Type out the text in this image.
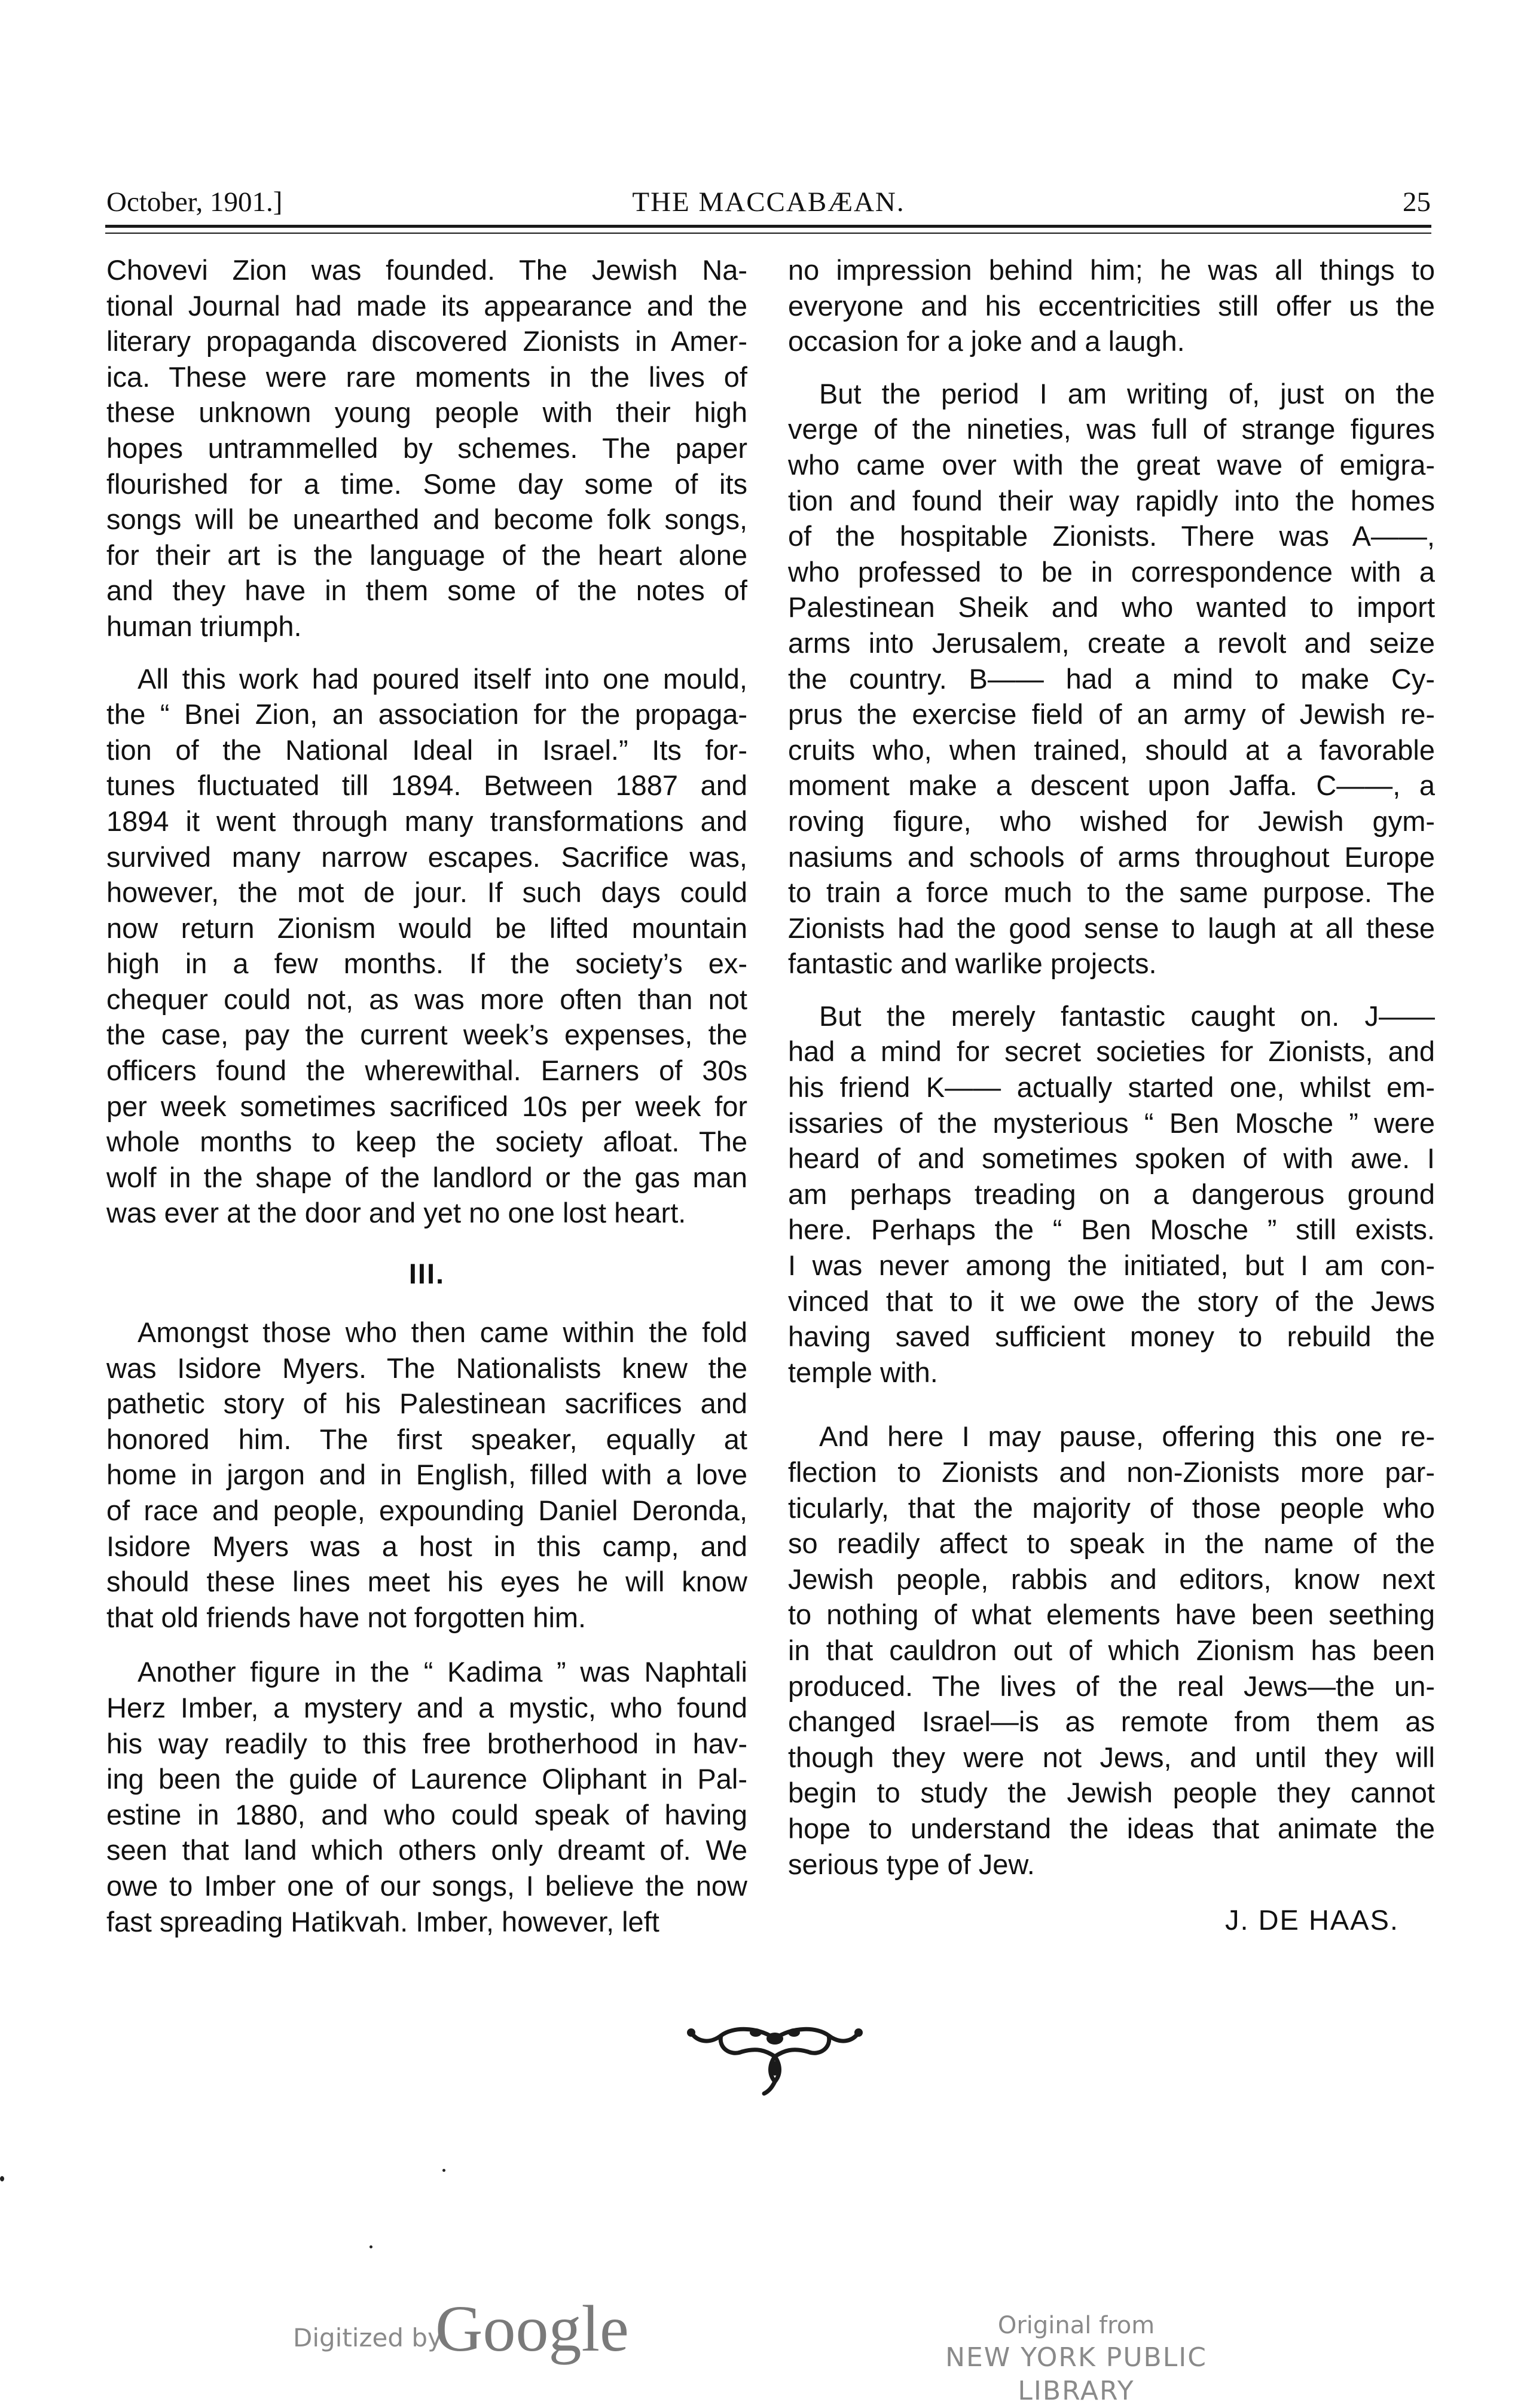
October, 1901.]	THE MACCABÆAN.	25
Chovevi Zion was founded. The Jewish Na-
tional Journal had made its appearance and the
literary propaganda discovered Zionists in Amer-
ica. These were rare moments in the lives of
these unknown young people with their high
hopes untrammelled by schemes. The paper
flourished for a time. Some day some of its
songs will be unearthed and become folk songs,
for their art is the language of the heart alone
and they have in them some of the notes of
human triumph.
All this work had poured itself into one mould,
the “ Bnei Zion, an association for the propaga-
tion of the National Ideal in Israel.” Its for-
tunes fluctuated till 1894. Between 1887 and
1894 it went through many transformations and
survived many narrow escapes. Sacrifice was,
however, the mot de jour. If such days could
now return Zionism would be lifted mountain
high in a few months. If the society’s ex-
chequer could not, as was more often than not
the case, pay the current week’s expenses, the
officers found the wherewithal. Earners of 30s
per week sometimes sacrificed 10s per week for
whole months to keep the society afloat. The
wolf in the shape of the landlord or the gas man
was ever at the door and yet no one lost heart.
III.
Amongst those who then came within the fold
was Isidore Myers. The Nationalists knew the
pathetic story of his Palestinean sacrifices and
honored him. The first speaker, equally at
home in jargon and in English, filled with a love
of race and people, expounding Daniel Deronda,
Isidore Myers was a host in this camp, and
should these lines meet his eyes he will know
that old friends have not forgotten him.
Another figure in the “ Kadima ” was Naphtali
Herz Imber, a mystery and a mystic, who found
his way readily to this free brotherhood in hav-
ing been the guide of Laurence Oliphant in Pal-
estine in 1880, and who could speak of having
seen that land which others only dreamt of. We
owe to Imber one of our songs, I believe the now
fast spreading Hatikvah. Imber, however, left
no impression behind him; he was all things to
everyone and his eccentricities still offer us the
occasion for a joke and a laugh.
But the period I am writing of, just on the
verge of the nineties, was full of strange figures
who came over with the great wave of emigra-
tion and found their way rapidly into the homes
of the hospitable Zionists. There was A——,
who professed to be in correspondence with a
Palestinean Sheik and who wanted to import
arms into Jerusalem, create a revolt and seize
the country. B—— had a mind to make Cy-
prus the exercise field of an army of Jewish re-
cruits who, when trained, should at a favorable
moment make a descent upon Jaffa. C——, a
roving figure, who wished for Jewish gym-
nasiums and schools of arms throughout Europe
to train a force much to the same purpose. The
Zionists had the good sense to laugh at all these
fantastic and warlike projects.
But the merely fantastic caught on. J——
had a mind for secret societies for Zionists, and
his friend K—— actually started one, whilst em-
issaries of the mysterious “ Ben Mosche ” were
heard of and sometimes spoken of with awe. I
am perhaps treading on a dangerous ground
here. Perhaps the “ Ben Mosche ” still exists.
I was never among the initiated, but I am con-
vinced that to it we owe the story of the Jews
having saved sufficient money to rebuild the
temple with.
And here I may pause, offering this one re-
flection to Zionists and non-Zionists more par-
ticularly, that the majority of those people who
so readily affect to speak in the name of the
Jewish people, rabbis and editors, know next
to nothing of what elements have been seething
in that cauldron out of which Zionism has been
produced. The lives of the real Jews—the un-
changed Israel—is as remote from them as
though they were not Jews, and until they will
begin to study the Jewish people they cannot
hope to understand the ideas that animate the
serious type of Jew.
J. DE HAAS.
Digitized by
Google	Original from
NEW YORK PUBLIC LIBRARY
